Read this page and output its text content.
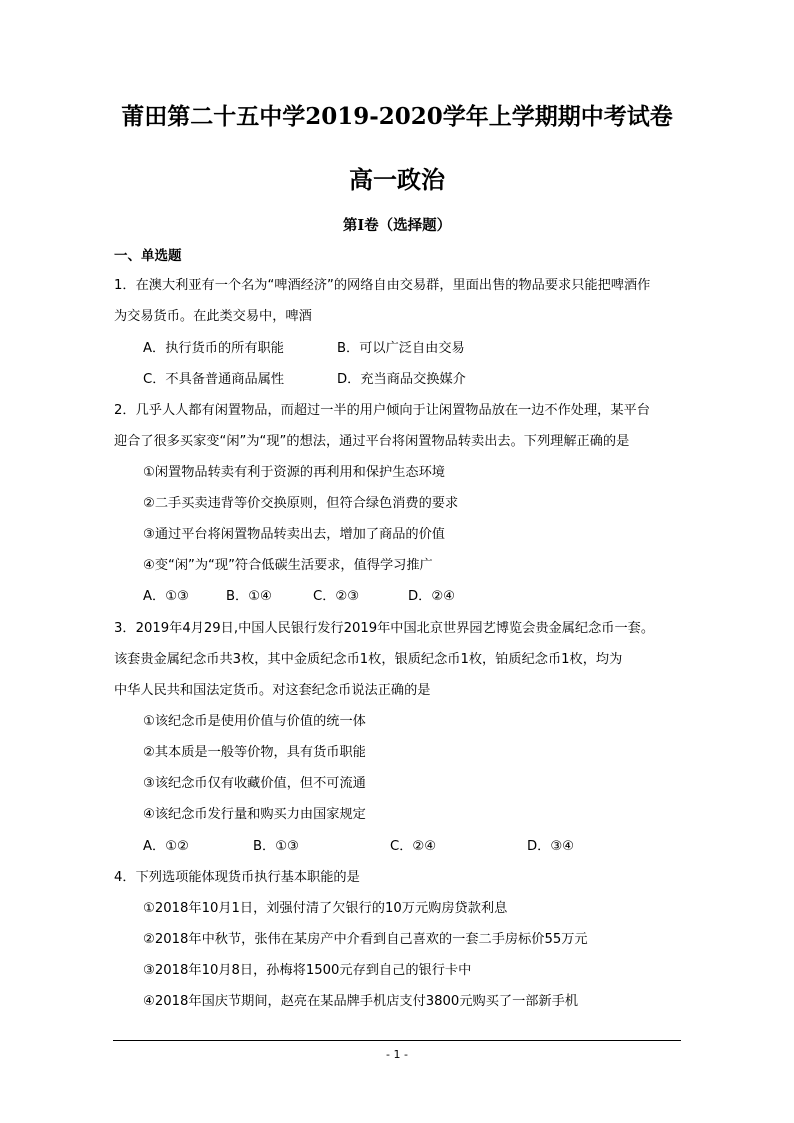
莆田第二十五中学2019-2020学年上学期期中考试卷
高一政治
第I卷（选择题）
一、单选题
1．在澳大利亚有一个名为“啤酒经济”的网络自由交易群，里面出售的物品要求只能把啤酒作
为交易货币。在此类交易中，啤酒
A．执行货币的所有职能	B．可以广泛自由交易
C．不具备普通商品属性	D．充当商品交换媒介
2．几乎人人都有闲置物品，而超过一半的用户倾向于让闲置物品放在一边不作处理，某平台
迎合了很多买家变“闲”为“现”的想法，通过平台将闲置物品转卖出去。下列理解正确的是
①闲置物品转卖有利于资源的再利用和保护生态环境
②二手买卖违背等价交换原则，但符合绿色消费的要求
③通过平台将闲置物品转卖出去，增加了商品的价值
④变“闲”为“现”符合低碳生活要求，值得学习推广
A．①③	B．①④	C．②③	D．②④
3．2019年4月29日,中国人民银行发行2019年中国北京世界园艺博览会贵金属纪念币一套。
该套贵金属纪念币共3枚，其中金质纪念币1枚，银质纪念币1枚，铂质纪念币1枚，均为
中华人民共和国法定货币。对这套纪念币说法正确的是
①该纪念币是使用价值与价值的统一体
②其本质是一般等价物，具有货币职能
③该纪念币仅有收藏价值，但不可流通
④该纪念币发行量和购买力由国家规定
A．①②	B．①③	C．②④	D．③④
4．下列选项能体现货币执行基本职能的是
①2018年10月1日，刘强付清了欠银行的10万元购房贷款利息
②2018年中秋节，张伟在某房产中介看到自己喜欢的一套二手房标价55万元
③2018年10月8日，孙梅将1500元存到自己的银行卡中
④2018年国庆节期间，赵亮在某品牌手机店支付3800元购买了一部新手机
- 1 -
